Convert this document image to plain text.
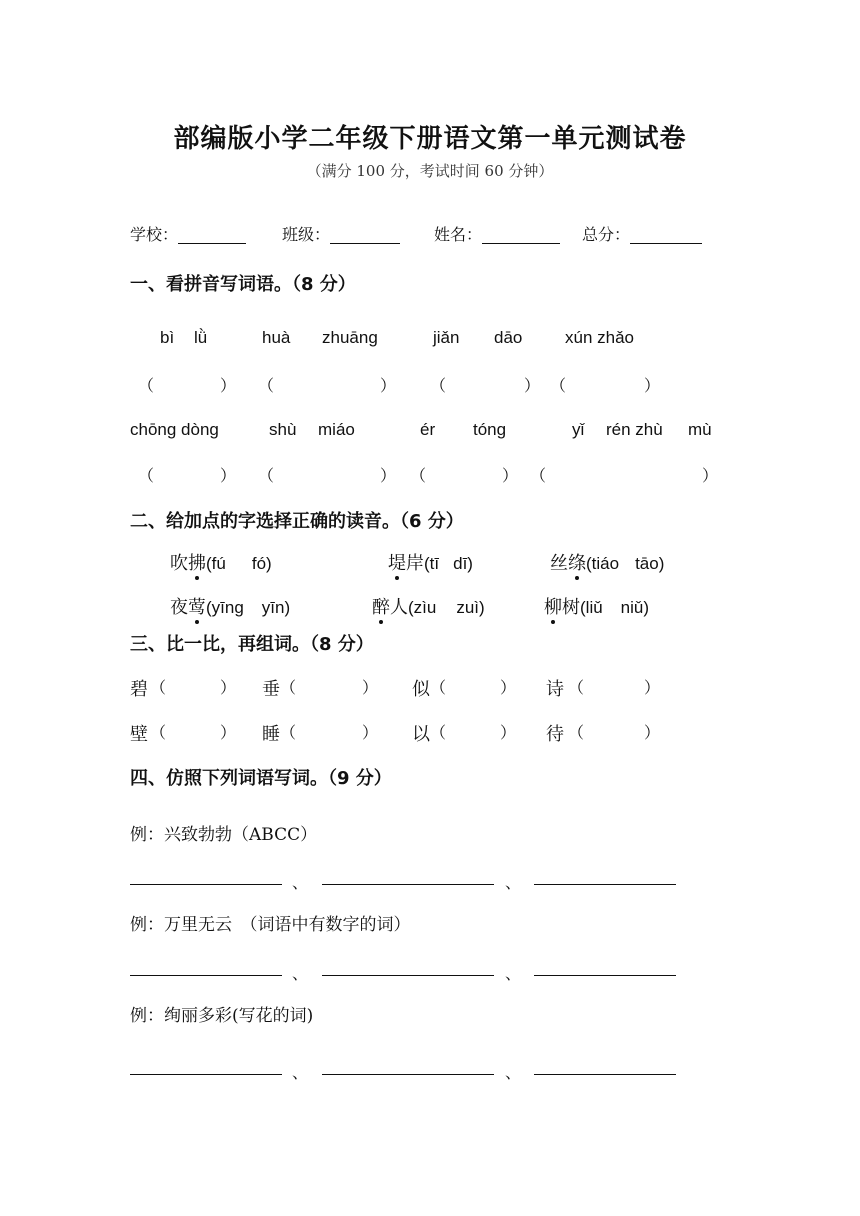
部编版小学二年级下册语文第一单元测试卷
（满分 100 分，考试时间 60 分钟）
学校：	班级：	姓名：	总分：
一、看拼音写词语。（8 分）
bì lǜ	huà zhuāng	jiǎn dāo	xún zhǎo
（	） （	） （	） （	）
chōng dòng	shù miáo	ér tóng	yǐ rén zhù mù
（	） （	） （	） （	）
二、给加点的字选择正确的读音。（6 分）
吹拂(fú fó)	堤岸(tī dī)	丝绦(tiáo tāo)
夜莺(yīng yīn)	醉人(zìu zuì)	柳树(liǔ niǔ)
三、比一比，再组词。（8 分）
碧 （	） 垂 （	） 似 （	） 诗 （	）
壁 （	） 睡 （	） 以 （	） 待 （	）
四、仿照下列词语写词。（9 分）
例：兴致勃勃（ABCC）
、	、
例：万里无云　（词语中有数字的词）
、	、
例：绚丽多彩(写花的词)
、	、
